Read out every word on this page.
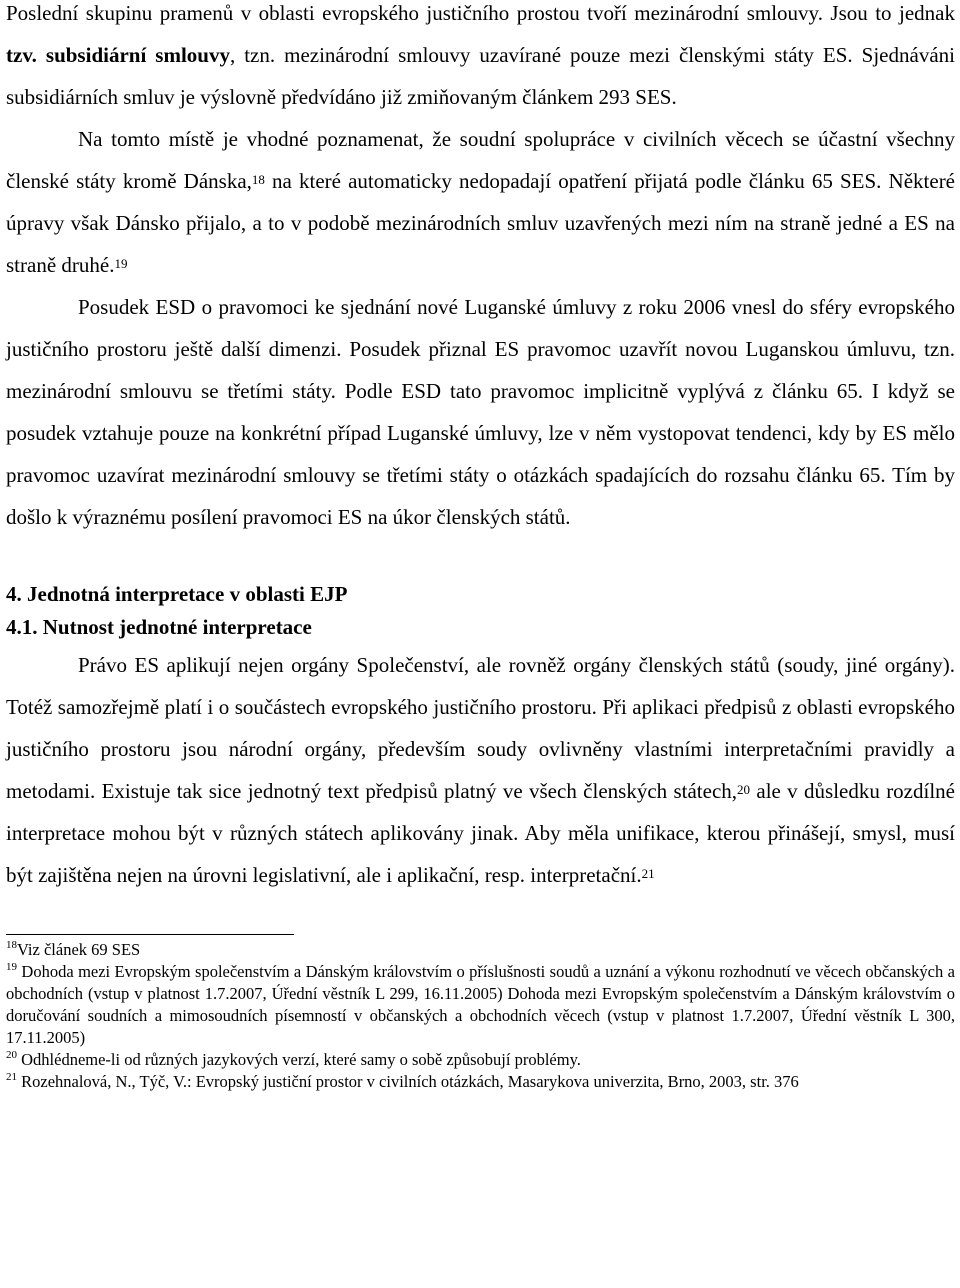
Poslední skupinu pramenů v oblasti evropského justičního prostou tvoří mezinárodní smlouvy. Jsou to jednak tzv. subsidiární smlouvy, tzn. mezinárodní smlouvy uzavírané pouze mezi členskými státy ES. Sjednáváni subsidiárních smluv je výslovně předvídáno již zmiňovaným článkem 293 SES.

Na tomto místě je vhodné poznamenat, že soudní spolupráce v civilních věcech se účastní všechny členské státy kromě Dánska,$^{18}$ na které automaticky nedopadají opatření přijatá podle článku 65 SES. Některé úpravy však Dánsko přijalo, a to v podobě mezinárodních smluv uzavřených mezi ním na straně jedné a ES na straně druhé.$^{19}$

Posudek ESD o pravomoci ke sjednání nové Luganské úmluvy z roku 2006 vnesl do sféry evropského justičního prostoru ještě další dimenzi. Posudek přiznal ES pravomoc uzavřít novou Luganskou úmluvu, tzn. mezinárodní smlouvu se třetími státy. Podle ESD tato pravomoc implicitně vyplývá z článku 65. I když se posudek vztahuje pouze na konkrétní případ Luganské úmluvy, lze v něm vystopovat tendenci, kdy by ES mělo pravomoc uzavírat mezinárodní smlouvy se třetími státy o otázkách spadajících do rozsahu článku 65. Tím by došlo k výraznému posílení pravomoci ES na úkor členských států.

4. Jednotná interpretace v oblasti EJP
4.1. Nutnost jednotné interpretace

Právo ES aplikují nejen orgány Společenství, ale rovněž orgány členských států (soudy, jiné orgány). Totéž samozřejmě platí i o součástech evropského justičního prostoru. Při aplikaci předpisů z oblasti evropského justičního prostoru jsou národní orgány, především soudy ovlivněny vlastními interpretačními pravidly a metodami. Existuje tak sice jednotný text předpisů platný ve všech členských státech,$^{20}$ ale v důsledku rozdílné interpretace mohou být v různých státech aplikovány jinak. Aby měla unifikace, kterou přinášejí, smysl, musí být zajištěna nejen na úrovni legislativní, ale i aplikační, resp. interpretační.$^{21}$

$^{18}$Viz článek 69 SES

$^{19}$ Dohoda mezi Evropským společenstvím a Dánským královstvím o příslušnosti soudů a uznání a výkonu rozhodnutí ve věcech občanských a obchodních (vstup v platnost 1.7.2007, Úřední věstník L 299, 16.11.2005) Dohoda mezi Evropským společenstvím a Dánským královstvím o doručování soudních a mimosoudních písemností v občanských a obchodních věcech (vstup v platnost 1.7.2007, Úřední věstník L 300, 17.11.2005)

$^{20}$ Odhlédneme-li od různých jazykových verzí, které samy o sobě způsobují problémy.

$^{21}$ Rozehnalová, N., Týč, V.: Evropský justiční prostor v civilních otázkách, Masarykova univerzita, Brno, 2003, str. 376
